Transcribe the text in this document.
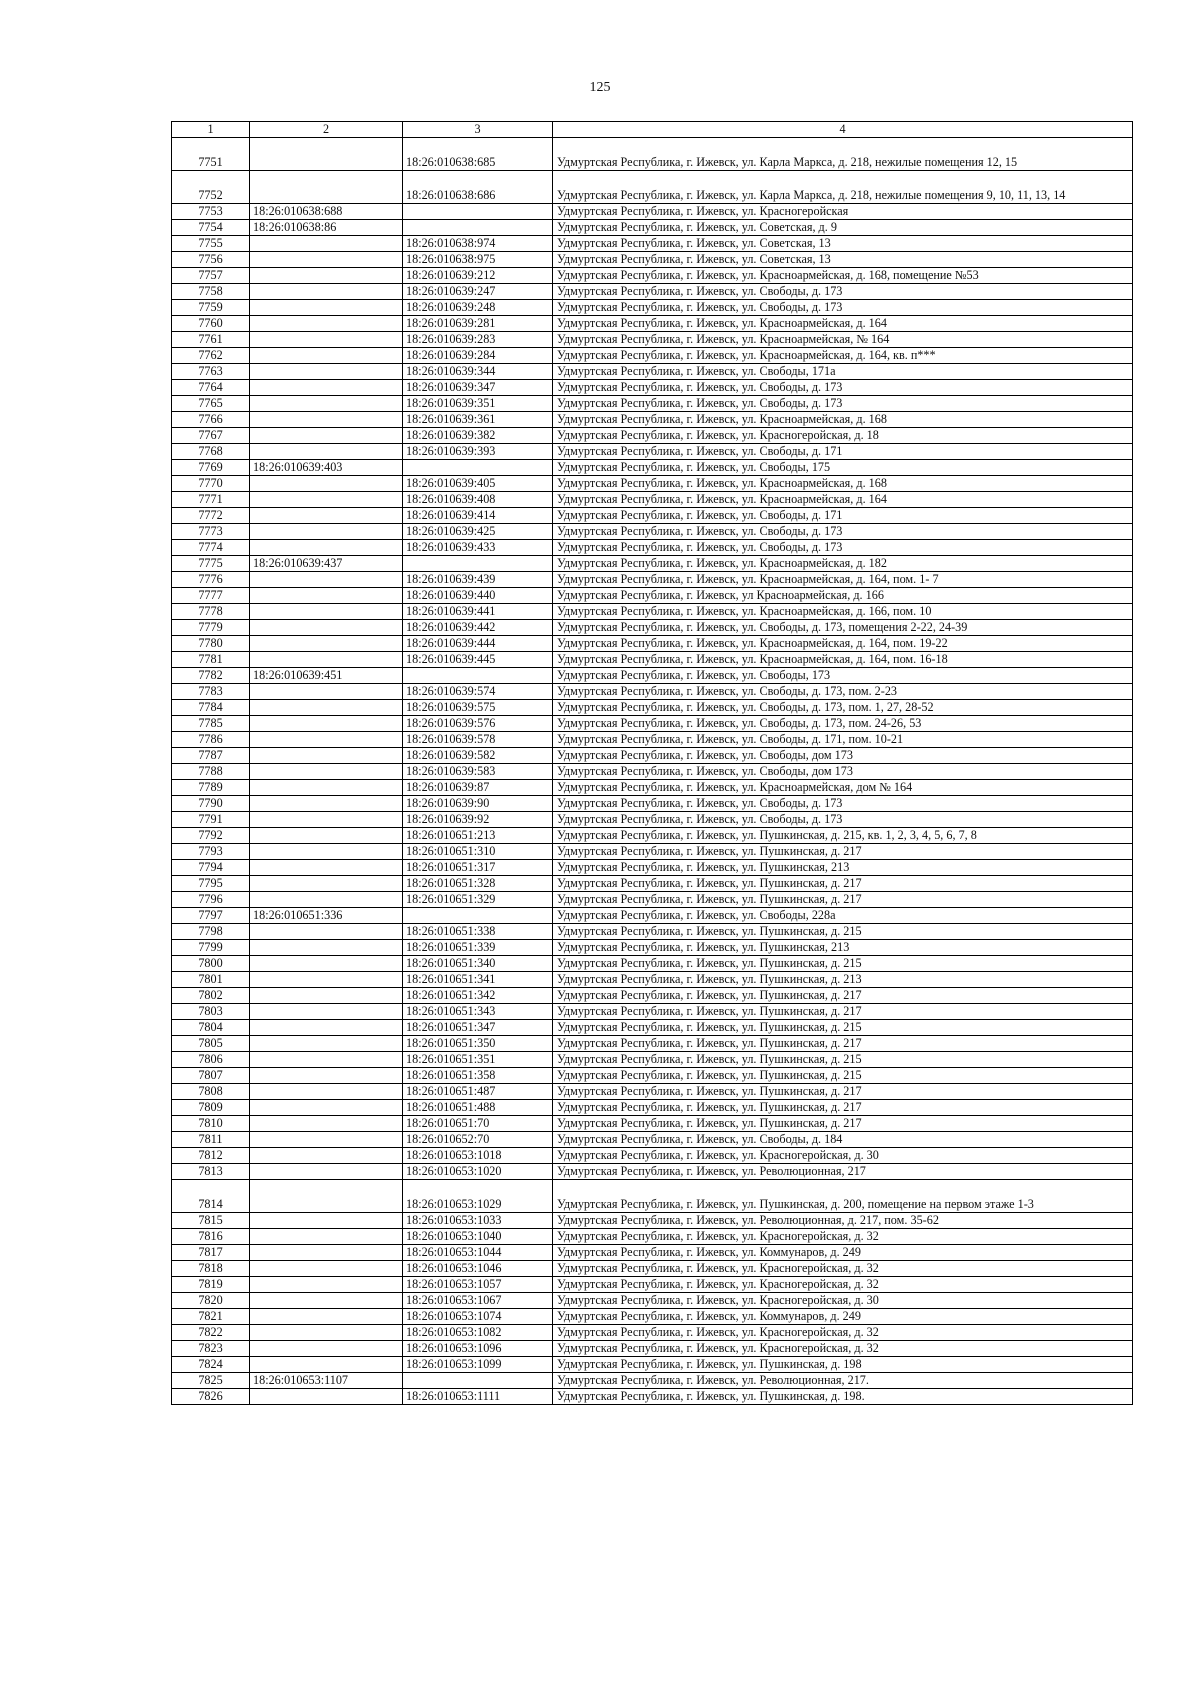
125
1	2	3	4
7751		18:26:010638:685	Удмуртская Республика, г. Ижевск, ул. Карла Маркса, д. 218, нежилые помещения 12, 15
7752		18:26:010638:686	Удмуртская Республика, г. Ижевск, ул. Карла Маркса, д. 218, нежилые помещения 9, 10, 11, 13, 14
7753	18:26:010638:688		Удмуртская Республика, г. Ижевск, ул. Красногеройская
7754	18:26:010638:86		Удмуртская Республика, г. Ижевск, ул. Советская, д. 9
7755		18:26:010638:974	Удмуртская Республика, г. Ижевск, ул. Советская, 13
7756		18:26:010638:975	Удмуртская Республика, г. Ижевск, ул. Советская, 13
7757		18:26:010639:212	Удмуртская Республика, г. Ижевск, ул. Красноармейская, д. 168, помещение №53
7758		18:26:010639:247	Удмуртская Республика, г. Ижевск, ул. Свободы, д. 173
7759		18:26:010639:248	Удмуртская Республика, г. Ижевск, ул. Свободы, д. 173
7760		18:26:010639:281	Удмуртская Республика, г. Ижевск, ул. Красноармейская, д. 164
7761		18:26:010639:283	Удмуртская Республика, г. Ижевск, ул. Красноармейская, № 164
7762		18:26:010639:284	Удмуртская Республика, г. Ижевск, ул. Красноармейская, д. 164, кв. п***
7763		18:26:010639:344	Удмуртская Республика, г. Ижевск, ул. Свободы, 171а
7764		18:26:010639:347	Удмуртская Республика, г. Ижевск, ул. Свободы, д. 173
7765		18:26:010639:351	Удмуртская Республика, г. Ижевск, ул. Свободы, д. 173
7766		18:26:010639:361	Удмуртская Республика, г. Ижевск, ул. Красноармейская, д. 168
7767		18:26:010639:382	Удмуртская Республика, г. Ижевск, ул. Красногеройская, д. 18
7768		18:26:010639:393	Удмуртская Республика, г. Ижевск, ул. Свободы, д. 171
7769	18:26:010639:403		Удмуртская Республика, г. Ижевск, ул. Свободы, 175
7770		18:26:010639:405	Удмуртская Республика, г. Ижевск, ул. Красноармейская, д. 168
7771		18:26:010639:408	Удмуртская Республика, г. Ижевск, ул. Красноармейская, д. 164
7772		18:26:010639:414	Удмуртская Республика, г. Ижевск, ул. Свободы, д. 171
7773		18:26:010639:425	Удмуртская Республика, г. Ижевск, ул. Свободы, д. 173
7774		18:26:010639:433	Удмуртская Республика, г. Ижевск, ул. Свободы, д. 173
7775	18:26:010639:437		Удмуртская Республика, г. Ижевск, ул. Красноармейская, д. 182
7776		18:26:010639:439	Удмуртская Республика, г. Ижевск, ул. Красноармейская, д. 164, пом. 1- 7
7777		18:26:010639:440	Удмуртская Республика, г. Ижевск, ул Красноармейская, д. 166
7778		18:26:010639:441	Удмуртская Республика, г. Ижевск, ул. Красноармейская, д. 166, пом. 10
7779		18:26:010639:442	Удмуртская Республика, г. Ижевск, ул. Свободы, д. 173, помещения 2-22, 24-39
7780		18:26:010639:444	Удмуртская Республика, г. Ижевск, ул. Красноармейская, д. 164, пом. 19-22
7781		18:26:010639:445	Удмуртская Республика, г. Ижевск, ул. Красноармейская, д. 164, пом. 16-18
7782	18:26:010639:451		Удмуртская Республика, г. Ижевск, ул. Свободы, 173
7783		18:26:010639:574	Удмуртская Республика, г. Ижевск, ул. Свободы, д. 173, пом. 2-23
7784		18:26:010639:575	Удмуртская Республика, г. Ижевск, ул. Свободы, д. 173, пом. 1, 27, 28-52
7785		18:26:010639:576	Удмуртская Республика, г. Ижевск, ул. Свободы, д. 173, пом. 24-26, 53
7786		18:26:010639:578	Удмуртская Республика, г. Ижевск, ул. Свободы, д. 171, пом. 10-21
7787		18:26:010639:582	Удмуртская Республика, г. Ижевск, ул. Свободы, дом 173
7788		18:26:010639:583	Удмуртская Республика, г. Ижевск, ул. Свободы, дом 173
7789		18:26:010639:87	Удмуртская Республика, г. Ижевск, ул. Красноармейская, дом № 164
7790		18:26:010639:90	Удмуртская Республика, г. Ижевск, ул. Свободы, д. 173
7791		18:26:010639:92	Удмуртская Республика, г. Ижевск, ул. Свободы, д. 173
7792		18:26:010651:213	Удмуртская Республика, г. Ижевск, ул. Пушкинская, д. 215, кв. 1, 2, 3, 4, 5, 6, 7, 8
7793		18:26:010651:310	Удмуртская Республика, г. Ижевск, ул. Пушкинская, д. 217
7794		18:26:010651:317	Удмуртская Республика, г. Ижевск, ул. Пушкинская, 213
7795		18:26:010651:328	Удмуртская Республика, г. Ижевск, ул. Пушкинская, д. 217
7796		18:26:010651:329	Удмуртская Республика, г. Ижевск, ул. Пушкинская, д. 217
7797	18:26:010651:336		Удмуртская Республика, г. Ижевск, ул. Свободы, 228а
7798		18:26:010651:338	Удмуртская Республика, г. Ижевск, ул. Пушкинская, д. 215
7799		18:26:010651:339	Удмуртская Республика, г. Ижевск, ул. Пушкинская, 213
7800		18:26:010651:340	Удмуртская Республика, г. Ижевск, ул. Пушкинская, д. 215
7801		18:26:010651:341	Удмуртская Республика, г. Ижевск, ул. Пушкинская, д. 213
7802		18:26:010651:342	Удмуртская Республика, г. Ижевск, ул. Пушкинская, д. 217
7803		18:26:010651:343	Удмуртская Республика, г. Ижевск, ул. Пушкинская, д. 217
7804		18:26:010651:347	Удмуртская Республика, г. Ижевск, ул. Пушкинская, д. 215
7805		18:26:010651:350	Удмуртская Республика, г. Ижевск, ул. Пушкинская, д. 217
7806		18:26:010651:351	Удмуртская Республика, г. Ижевск, ул. Пушкинская, д. 215
7807		18:26:010651:358	Удмуртская Республика, г. Ижевск, ул. Пушкинская, д. 215
7808		18:26:010651:487	Удмуртская Республика, г. Ижевск, ул. Пушкинская, д. 217
7809		18:26:010651:488	Удмуртская Республика, г. Ижевск, ул. Пушкинская, д. 217
7810		18:26:010651:70	Удмуртская Республика, г. Ижевск, ул. Пушкинская, д. 217
7811		18:26:010652:70	Удмуртская Республика, г. Ижевск, ул. Свободы, д. 184
7812		18:26:010653:1018	Удмуртская Республика, г. Ижевск, ул. Красногеройская, д. 30
7813		18:26:010653:1020	Удмуртская Республика, г. Ижевск, ул. Революционная, 217
7814		18:26:010653:1029	Удмуртская Республика, г. Ижевск, ул. Пушкинская, д. 200, помещение на первом этаже 1-3
7815		18:26:010653:1033	Удмуртская Республика, г. Ижевск, ул. Революционная, д. 217, пом. 35-62
7816		18:26:010653:1040	Удмуртская Республика, г. Ижевск, ул. Красногеройская, д. 32
7817		18:26:010653:1044	Удмуртская Республика, г. Ижевск, ул. Коммунаров, д. 249
7818		18:26:010653:1046	Удмуртская Республика, г. Ижевск, ул. Красногеройская, д. 32
7819		18:26:010653:1057	Удмуртская Республика, г. Ижевск, ул. Красногеройская, д. 32
7820		18:26:010653:1067	Удмуртская Республика, г. Ижевск, ул. Красногеройская, д. 30
7821		18:26:010653:1074	Удмуртская Республика, г. Ижевск, ул. Коммунаров, д. 249
7822		18:26:010653:1082	Удмуртская Республика, г. Ижевск, ул. Красногеройская, д. 32
7823		18:26:010653:1096	Удмуртская Республика, г. Ижевск, ул. Красногеройская, д. 32
7824		18:26:010653:1099	Удмуртская Республика, г. Ижевск, ул. Пушкинская, д. 198
7825	18:26:010653:1107		Удмуртская Республика, г. Ижевск, ул. Революционная, 217.
7826		18:26:010653:1111	Удмуртская Республика, г. Ижевск, ул. Пушкинская, д. 198.
